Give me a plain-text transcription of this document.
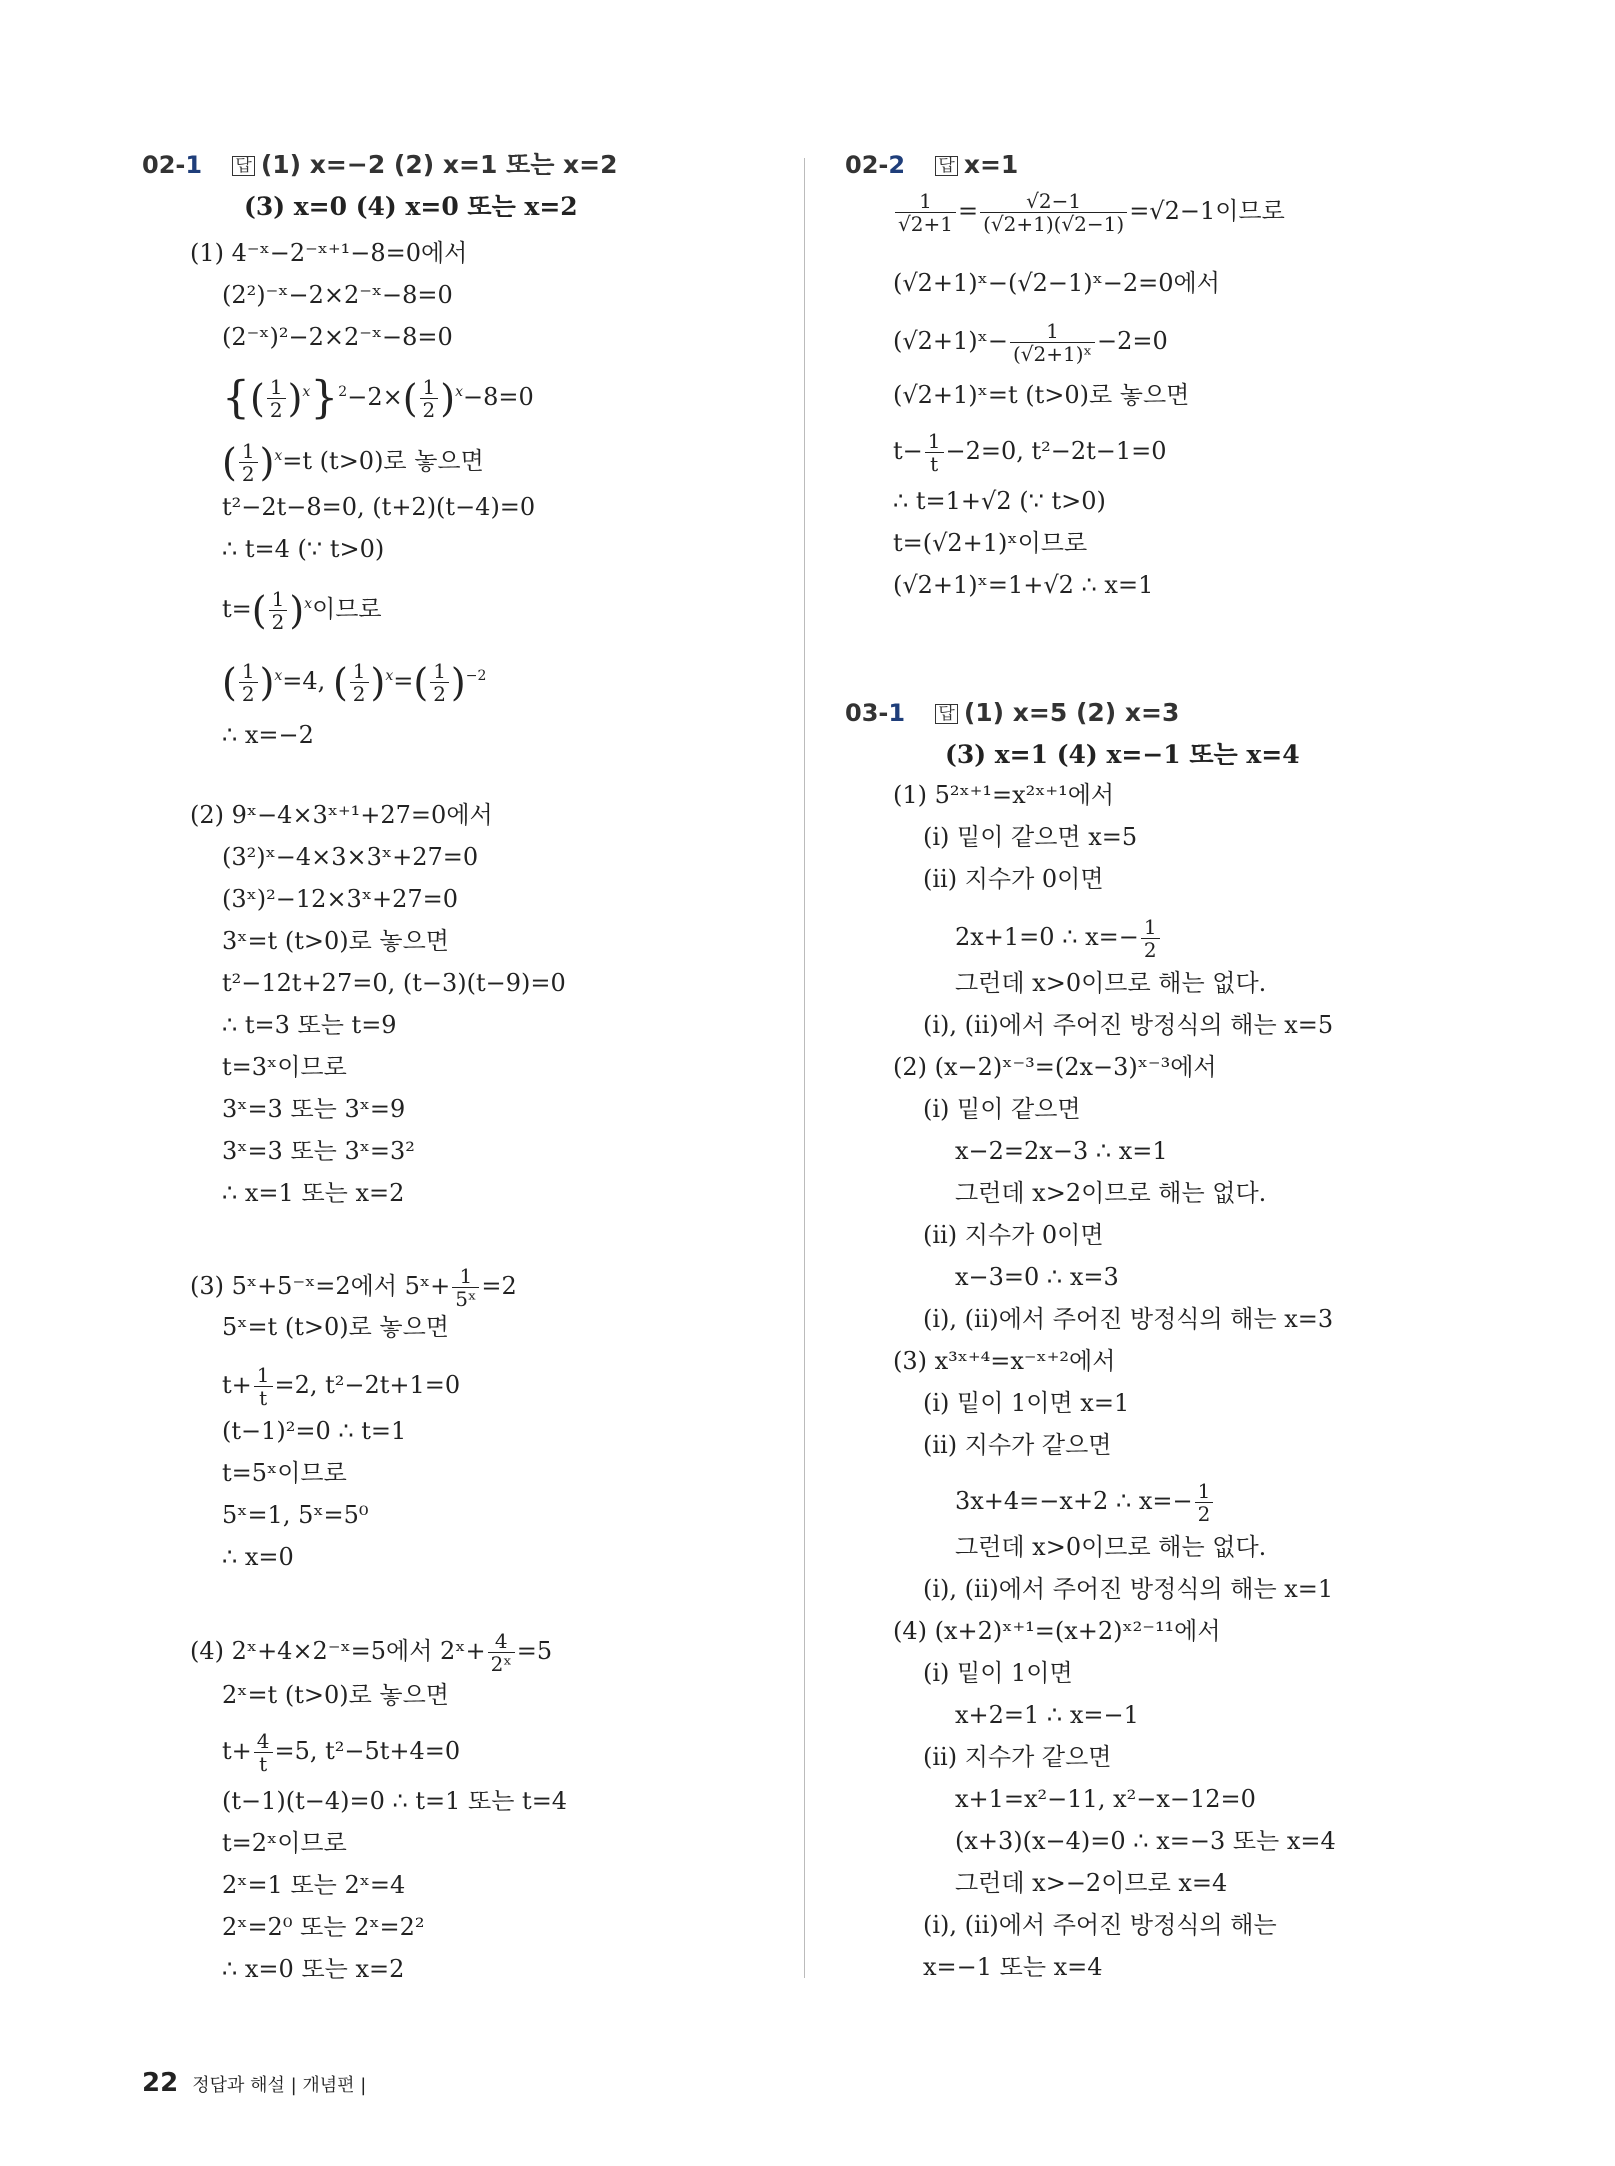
02-1 답 (1) x=−2 (2) x=1 또는 x=2
(3) x=0 (4) x=0 또는 x=2
(1) 4⁻ˣ−2⁻ˣ⁺¹−8=0에서
(2²)⁻ˣ−2×2⁻ˣ−8=0
(2⁻ˣ)²−2×2⁻ˣ−8=0
{( $\frac{1}{2} )^x\}^2-2\times( \frac{1}{2} )^x-8=0$
( $\frac{1}{2} )^x=t$ (t>0)로 놓으면
t²−2t−8=0, (t+2)(t−4)=0
∴ t=4 (∵ t>0)
$t=( \frac{1}{2} )^x$이므로
( $\frac{1}{2} )^x=4$, ( $\frac{1}{2} )^x=( \frac{1}{2} )^{-2}$
∴ x=−2
(2) 9ˣ−4×3ˣ⁺¹+27=0에서
(3²)ˣ−4×3×3ˣ+27=0
(3ˣ)²−12×3ˣ+27=0
3ˣ=t (t>0)로 놓으면
t²−12t+27=0, (t−3)(t−9)=0
∴ t=3 또는 t=9
t=3ˣ이므로
3ˣ=3 또는 3ˣ=9
3ˣ=3 또는 3ˣ=3²
∴ x=1 또는 x=2
(3) 5ˣ+5⁻ˣ=2에서 5ˣ+ $\frac{1}{\text{5ˣ}} =2$
5ˣ=t (t>0)로 놓으면
$t+ \frac{1}{t} =2$, t²−2t+1=0
(t−1)²=0 ∴ t=1
t=5ˣ이므로
5ˣ=1, 5ˣ=5⁰
∴ x=0
(4) 2ˣ+4×2⁻ˣ=5에서 2ˣ+ $\frac{4}{\text{2ˣ}} =5$
2ˣ=t (t>0)로 놓으면
$t+ \frac{4}{t} =5$, t²−5t+4=0
(t−1)(t−4)=0 ∴ t=1 또는 t=4
t=2ˣ이므로
2ˣ=1 또는 2ˣ=4
2ˣ=2⁰ 또는 2ˣ=2²
∴ x=0 또는 x=2
02-2 답 x=1
$\frac{1}{√2+1} = \frac{√2-1}{(√2+1)(√2-1)} =√2-1$이므로
(√2+1)ˣ−(√2−1)ˣ−2=0에서
(√2+1)ˣ− $\frac{1}{\text{(√2+1)ˣ}} -2=0$
(√2+1)ˣ=t (t>0)로 놓으면
$t- \frac{1}{t} -2=0$, t²−2t−1=0
∴ t=1+√2 (∵ t>0)
t=(√2+1)ˣ이므로
(√2+1)ˣ=1+√2 ∴ x=1
03-1 답 (1) x=5 (2) x=3
(3) x=1 (4) x=−1 또는 x=4
(1) 5²ˣ⁺¹=x²ˣ⁺¹에서
(ⅰ) 밑이 같으면 x=5
(ⅱ) 지수가 0이면
2x+1=0 ∴ $x=- \frac{1}{2}$
그런데 x>0이므로 해는 없다.
(ⅰ), (ⅱ)에서 주어진 방정식의 해는 x=5
(2) (x−2)ˣ⁻³=(2x−3)ˣ⁻³에서
(ⅰ) 밑이 같으면
x−2=2x−3 ∴ x=1
그런데 x>2이므로 해는 없다.
(ⅱ) 지수가 0이면
x−3=0 ∴ x=3
(ⅰ), (ⅱ)에서 주어진 방정식의 해는 x=3
(3) x³ˣ⁺⁴=x⁻ˣ⁺²에서
(ⅰ) 밑이 1이면 x=1
(ⅱ) 지수가 같으면
3x+4=−x+2 ∴ $x=- \frac{1}{2}$
그런데 x>0이므로 해는 없다.
(ⅰ), (ⅱ)에서 주어진 방정식의 해는 x=1
(4) (x+2)ˣ⁺¹=(x+2)ˣ²⁻¹¹에서
(ⅰ) 밑이 1이면
x+2=1 ∴ x=−1
(ⅱ) 지수가 같으면
x+1=x²−11, x²−x−12=0
(x+3)(x−4)=0 ∴ x=−3 또는 x=4
그런데 x>−2이므로 x=4
(ⅰ), (ⅱ)에서 주어진 방정식의 해는
x=−1 또는 x=4
22 정답과 해설 | 개념편 |
